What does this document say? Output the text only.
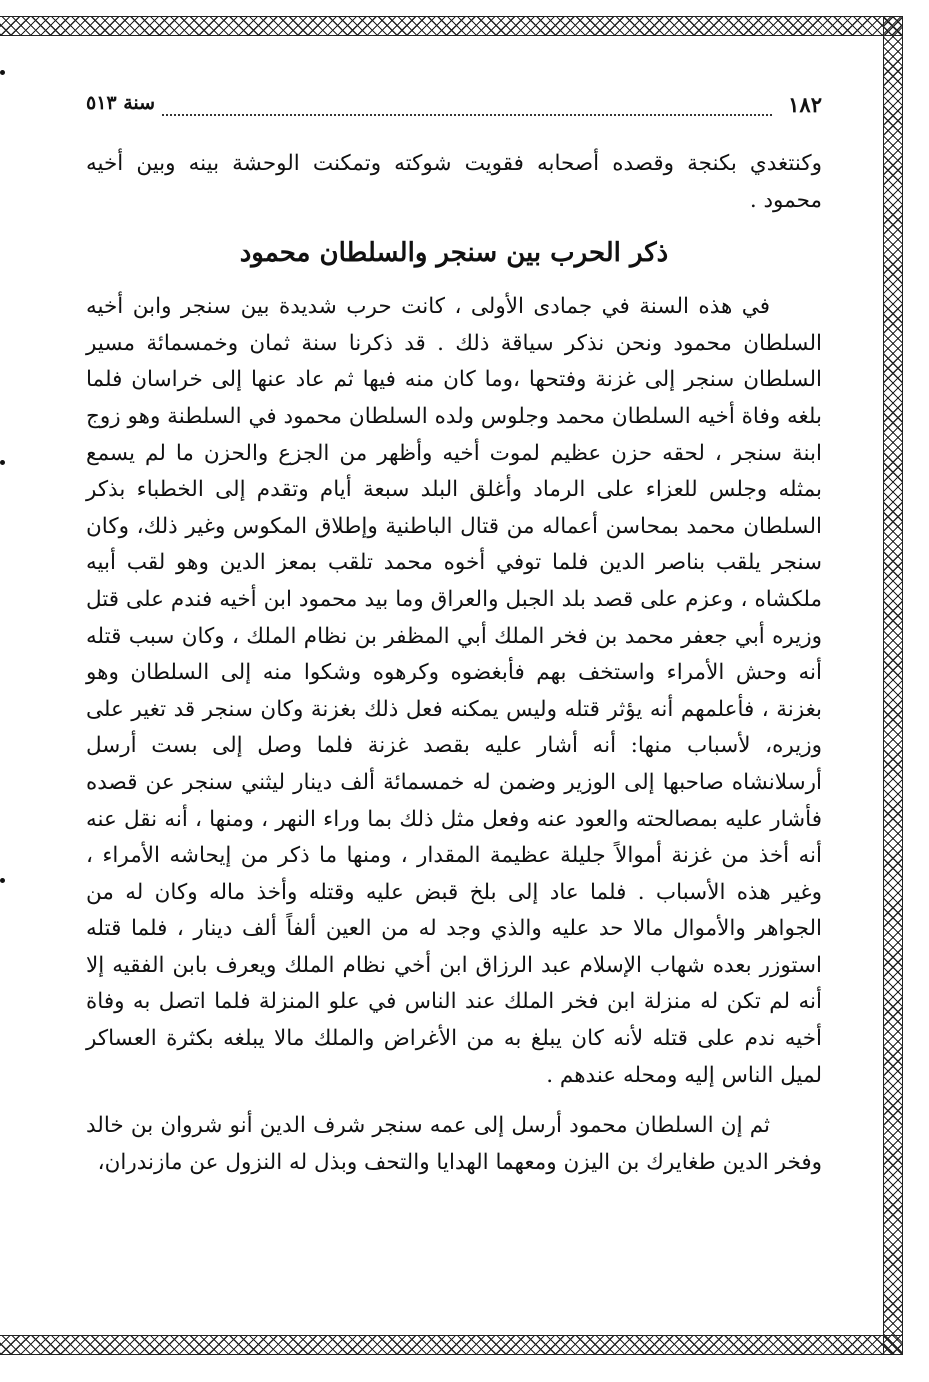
١٨٢
سنة ٥١٣

وكنتغدي بكنجة وقصده أصحابه فقويت شوكته وتمكنت الوحشة بينه وبين أخيه محمود .

ذكر الحرب بين سنجر والسلطان محمود

في هذه السنة في جمادى الأولى ، كانت حرب شديدة بين سنجر وابن أخيه السلطان محمود ونحن نذكر سياقة ذلك . قد ذكرنا سنة ثمان وخمسمائة مسير السلطان سنجر إلى غزنة وفتحها ،وما كان منه فيها ثم عاد عنها إلى خراسان فلما بلغه وفاة أخيه السلطان محمد وجلوس ولده السلطان محمود في السلطنة وهو زوج ابنة سنجر ، لحقه حزن عظيم لموت أخيه وأظهر من الجزع والحزن ما لم يسمع بمثله وجلس للعزاء على الرماد وأغلق البلد سبعة أيام وتقدم إلى الخطباء بذكر السلطان محمد بمحاسن أعماله من قتال الباطنية وإطلاق المكوس وغير ذلك، وكان سنجر يلقب بناصر الدين فلما توفي أخوه محمد تلقب بمعز الدين وهو لقب أبيه ملكشاه ، وعزم على قصد بلد الجبل والعراق وما بيد محمود ابن أخيه فندم على قتل وزيره أبي جعفر محمد بن فخر الملك أبي المظفر بن نظام الملك ، وكان سبب قتله أنه وحش الأمراء واستخف بهم فأبغضوه وكرهوه وشكوا منه إلى السلطان وهو بغزنة ، فأعلمهم أنه يؤثر قتله وليس يمكنه فعل ذلك بغزنة وكان سنجر قد تغير على وزيره، لأسباب منها: أنه أشار عليه بقصد غزنة فلما وصل إلى بست أرسل أرسلانشاه صاحبها إلى الوزير وضمن له خمسمائة ألف دينار ليثني سنجر عن قصده فأشار عليه بمصالحته والعود عنه وفعل مثل ذلك بما وراء النهر ، ومنها ، أنه نقل عنه أنه أخذ من غزنة أموالاً جليلة عظيمة المقدار ، ومنها ما ذكر من إيحاشه الأمراء ، وغير هذه الأسباب . فلما عاد إلى بلخ قبض عليه وقتله وأخذ ماله وكان له من الجواهر والأموال مالا حد عليه والذي وجد له من العين ألفاً ألف دينار ، فلما قتله استوزر بعده شهاب الإسلام عبد الرزاق ابن أخي نظام الملك ويعرف بابن الفقيه إلا أنه لم تكن له منزلة ابن فخر الملك عند الناس في علو المنزلة فلما اتصل به وفاة أخيه ندم على قتله لأنه كان يبلغ به من الأغراض والملك مالا يبلغه بكثرة العساكر لميل الناس إليه ومحله عندهم .

ثم إن السلطان محمود أرسل إلى عمه سنجر شرف الدين أنو شروان بن خالد وفخر الدين طغايرك بن اليزن ومعهما الهدايا والتحف وبذل له النزول عن مازندران،
